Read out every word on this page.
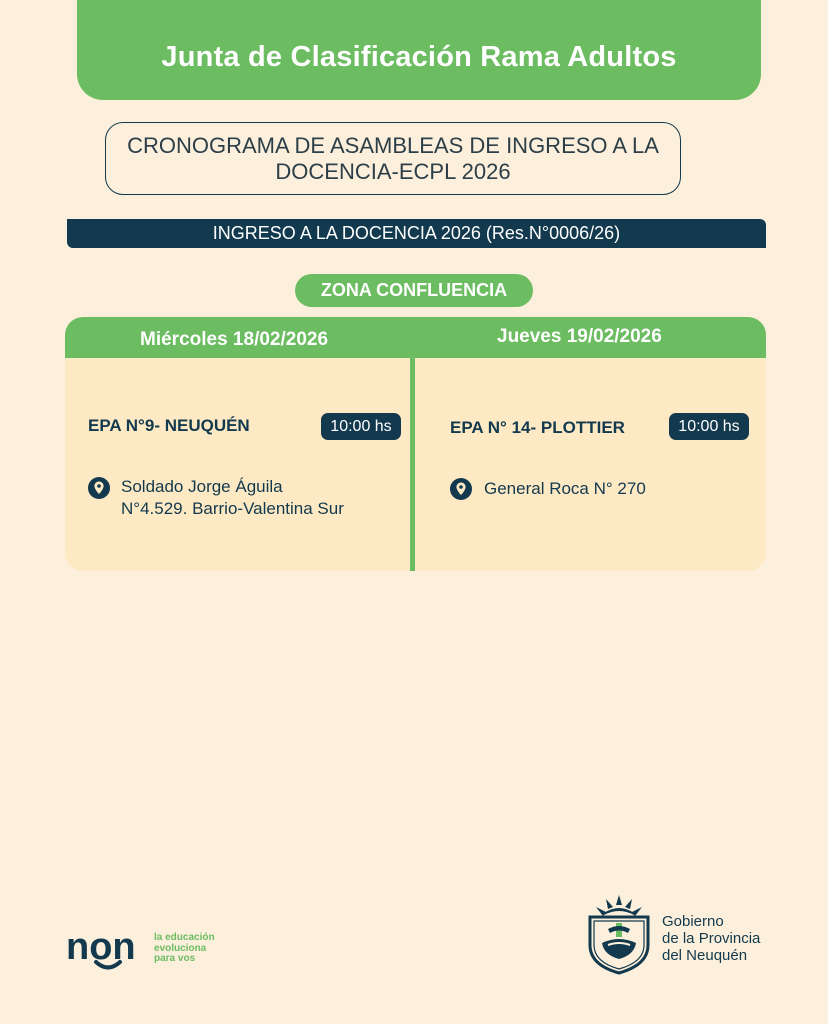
Junta de Clasificación Rama Adultos
CRONOGRAMA DE ASAMBLEAS DE INGRESO A LA
DOCENCIA-ECPL 2026
INGRESO A LA DOCENCIA 2026 (Res.N°0006/26)
ZONA CONFLUENCIA
Miércoles 18/02/2026	Jueves 19/02/2026
EPA N°9- NEUQUÉN	10:00 hs
Soldado Jorge Águila
N°4.529. Barrio-Valentina Sur
EPA N° 14- PLOTTIER	10:00 hs
General Roca N° 270
non la educación
evoluciona
para vos
Gobierno
de la Provincia
del Neuquén
